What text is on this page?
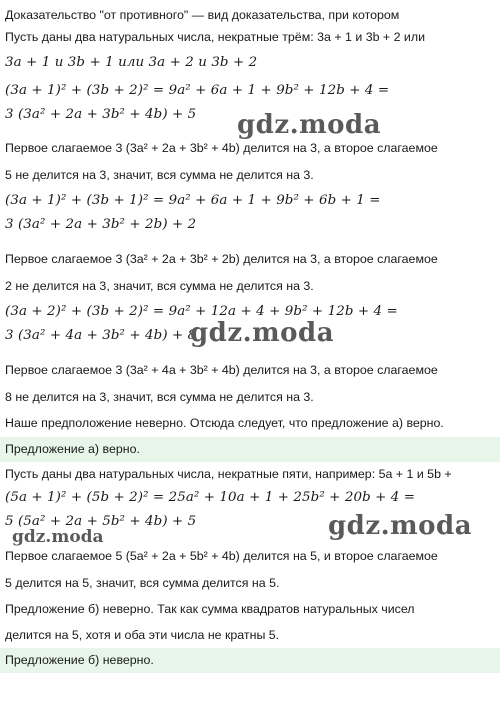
Предложение а) верно.
Предложение б) неверно.
Доказательство "от противного" — вид доказательства, при котором
Пусть даны два натуральных числа, некратные трём: 3a + 1 и 3b + 2 или
3a + 1 и 3b + 1 или 3a + 2 и 3b + 2
(3a + 1)² + (3b + 2)² = 9a² + 6a + 1 + 9b² + 12b + 4 =
3 (3a² + 2a + 3b² + 4b) + 5
Первое слагаемое 3 (3a² + 2a + 3b² + 4b) делится на 3, а второе слагаемое
5 не делится на 3, значит, вся сумма не делится на 3.
(3a + 1)² + (3b + 1)² = 9a² + 6a + 1 + 9b² + 6b + 1 =
3 (3a² + 2a + 3b² + 2b) + 2
Первое слагаемое 3 (3a² + 2a + 3b² + 2b) делится на 3, а второе слагаемое
2 не делится на 3, значит, вся сумма не делится на 3.
(3a + 2)² + (3b + 2)² = 9a² + 12a + 4 + 9b² + 12b + 4 =
3 (3a² + 4a + 3b² + 4b) + 8
Первое слагаемое 3 (3a² + 4a + 3b² + 4b) делится на 3, а второе слагаемое
8 не делится на 3, значит, вся сумма не делится на 3.
Наше предположение неверно. Отсюда следует, что предложение а) верно.
Пусть даны два натуральных числа, некратные пяти, например: 5a + 1 и 5b +
(5a + 1)² + (5b + 2)² = 25a² + 10a + 1 + 25b² + 20b + 4 =
5 (5a² + 2a + 5b² + 4b) + 5
Первое слагаемое 5 (5a² + 2a + 5b² + 4b) делится на 5, и второе слагаемое
5 делится на 5, значит, вся сумма делится на 5.
Предложение б) неверно. Так как сумма квадратов натуральных чисел
делится на 5, хотя и оба эти числа не кратны 5.
gdz.moda
gdz.moda
gdz.moda
gdz.moda
